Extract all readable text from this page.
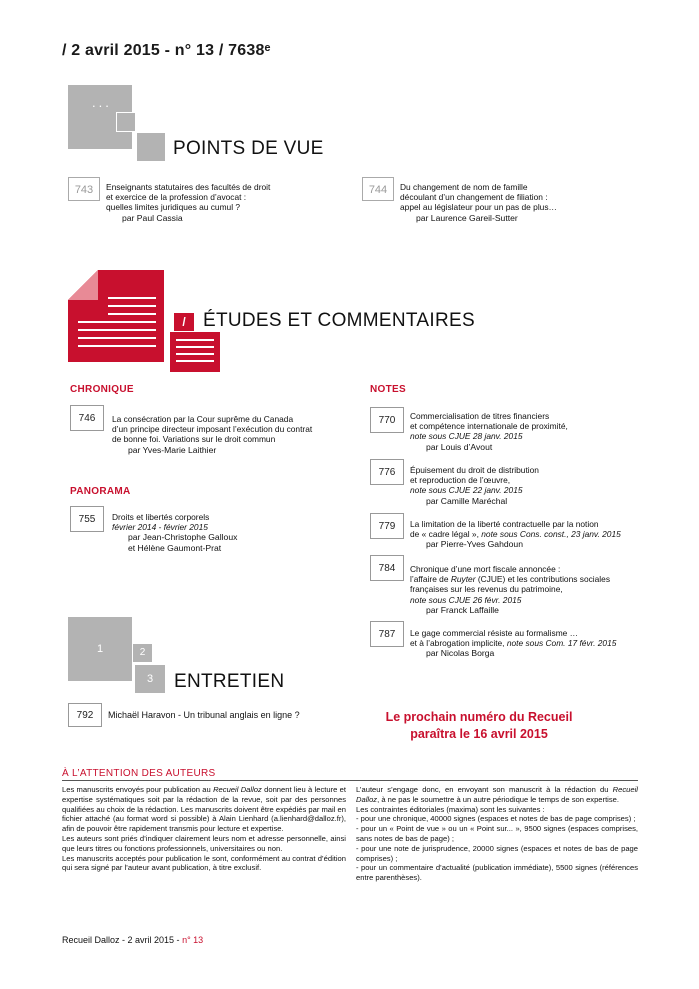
/ 2 avril 2015 - n° 13 / 7638ᵉ
...
POINTS DE VUE
743	Enseignants statutaires des facultés de droit
et exercice de la profession d’avocat :
quelles limites juridiques au cumul ?
par Paul Cassia
744	Du changement de nom de famille
découlant d’un changement de filiation :
appel au législateur pour un pas de plus…
par Laurence Gareil-Sutter
/ ÉTUDES ET COMMENTAIRES
CHRONIQUE
746	La consécration par la Cour suprême du Canada
d’un principe directeur imposant l’exécution du contrat
de bonne foi. Variations sur le droit commun
par Yves-Marie Laithier
PANORAMA
755	Droits et libertés corporels
février 2014 - février 2015
par Jean-Christophe Galloux
et Hélène Gaumont-Prat
NOTES
770	Commercialisation de titres financiers
et compétence internationale de proximité,
note sous CJUE 28 janv. 2015
par Louis d’Avout
776	Épuisement du droit de distribution
et reproduction de l’œuvre,
note sous CJUE 22 janv. 2015
par Camille Maréchal
779	La limitation de la liberté contractuelle par la notion
de « cadre légal », note sous Cons. const., 23 janv. 2015
par Pierre-Yves Gahdoun
784	Chronique d’une mort fiscale annoncée :
l’affaire de Ruyter (CJUE) et les contributions sociales
françaises sur les revenus du patrimoine,
note sous CJUE 26 févr. 2015
par Franck Laffaille
787	Le gage commercial résiste au formalisme …
et à l’abrogation implicite, note sous Com. 17 févr. 2015
par Nicolas Borga
1	2
3	ENTRETIEN
792	Michaël Haravon - Un tribunal anglais en ligne ?	Le prochain numéro du Recueil
paraîtra le 16 avril 2015
À L’ATTENTION DES AUTEURS

Les manuscrits envoyés pour publication au Recueil Dalloz donnent lieu à lecture et expertise systématiques soit par la rédaction de la revue, soit par des personnes qualifiées au choix de la rédaction. Les manuscrits doivent être expédiés par mail en fichier attaché (au format word si possible) à Alain Lienhard (a.lienhard@dalloz.fr), afin de pouvoir être rapidement transmis pour lecture et expertise.

Les auteurs sont priés d’indiquer clairement leurs nom et adresse personnelle, ainsi que leurs titres ou fonctions professionnels, universitaires ou non.

Les manuscrits acceptés pour publication le sont, conformément au contrat d’édition qui sera signé par l’auteur avant publication, à titre exclusif.

L’auteur s’engage donc, en envoyant son manuscrit à la rédaction du Recueil Dalloz, à ne pas le soumettre à un autre périodique le temps de son expertise.

Les contraintes éditoriales (maxima) sont les suivantes :

- pour une chronique, 40000 signes (espaces et notes de bas de page comprises) ;

- pour un « Point de vue » ou un « Point sur... », 9500 signes (espaces comprises, sans notes de bas de page) ;

- pour une note de jurisprudence, 20000 signes (espaces et notes de bas de page comprises) ;

- pour un commentaire d’actualité (publication immédiate), 5500 signes (références entre parenthèses).

Recueil Dalloz - 2 avril 2015 - n° 13
